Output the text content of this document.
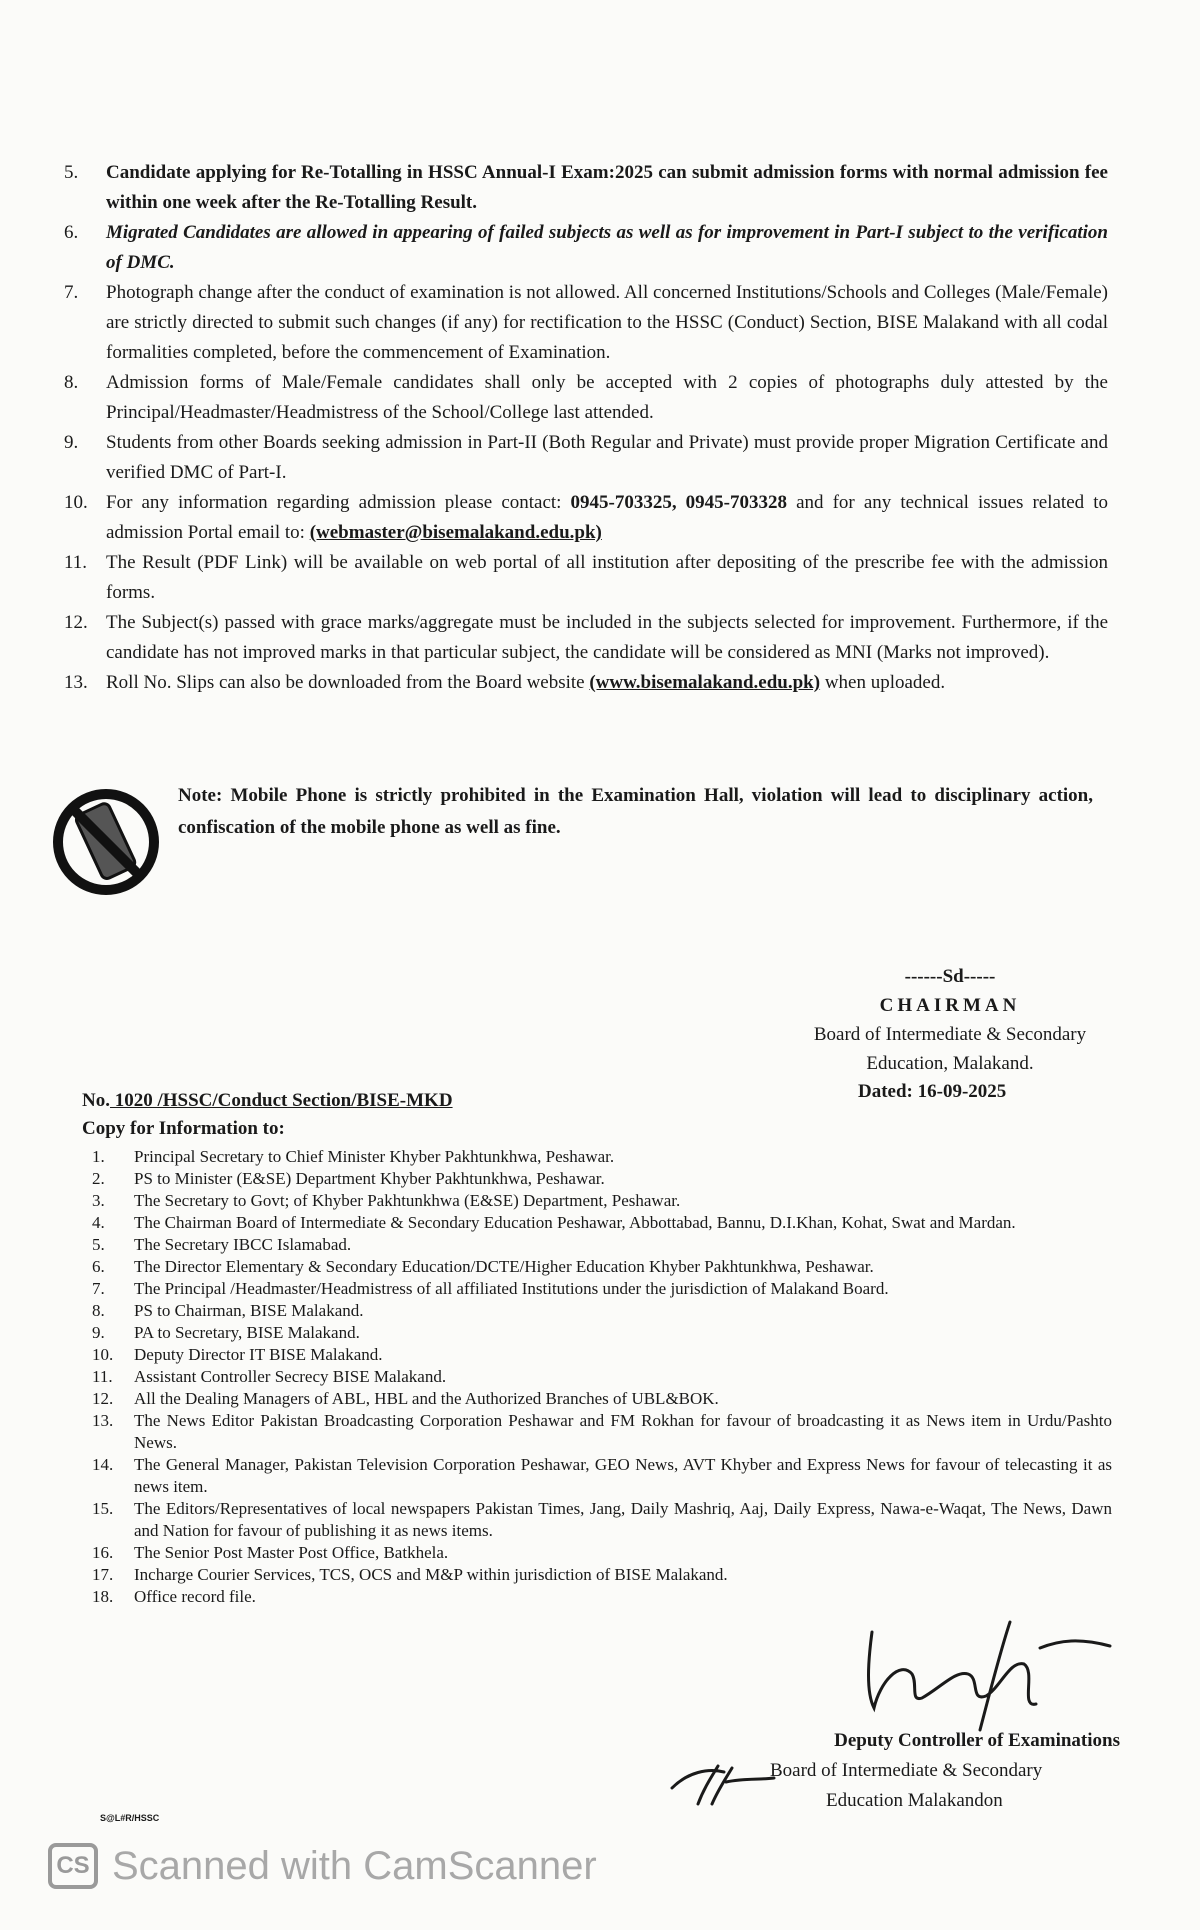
5.	Candidate applying for Re-Totalling in HSSC Annual-I Exam:2025 can submit admission forms with normal admission fee within one week after the Re-Totalling Result.
6.	Migrated Candidates are allowed in appearing of failed subjects as well as for improvement in Part-I subject to the verification of DMC.
7.	Photograph change after the conduct of examination is not allowed. All concerned Institutions/Schools and Colleges (Male/Female) are strictly directed to submit such changes (if any) for rectification to the HSSC (Conduct) Section, BISE Malakand with all codal formalities completed, before the commencement of Examination.
8.	Admission forms of Male/Female candidates shall only be accepted with 2 copies of photographs duly attested by the Principal/Headmaster/Headmistress of the School/College last attended.
9.	Students from other Boards seeking admission in Part-II (Both Regular and Private) must provide proper Migration Certificate and verified DMC of Part-I.
10. For any information regarding admission please contact: 0945-703325, 0945-703328 and for any technical issues related to admission Portal email to: (webmaster@bisemalakand.edu.pk)
11. The Result (PDF Link) will be available on web portal of all institution after depositing of the prescribe fee with the admission forms.
12. The Subject(s) passed with grace marks/aggregate must be included in the subjects selected for improvement. Furthermore, if the candidate has not improved marks in that particular subject, the candidate will be considered as MNI (Marks not improved).
13. Roll No. Slips can also be downloaded from the Board website (www.bisemalakand.edu.pk) when uploaded.
Note: Mobile Phone is strictly prohibited in the Examination Hall, violation will lead to disciplinary action, confiscation of the mobile phone as well as fine.
------Sd-----
CHAIRMAN
Board of Intermediate & Secondary
Education, Malakand.
No. 1020 /HSSC/Conduct Section/BISE-MKD	Dated: 16-09-2025
Copy for Information to:
1.	Principal Secretary to Chief Minister Khyber Pakhtunkhwa, Peshawar.
2.	PS to Minister (E&SE) Department Khyber Pakhtunkhwa, Peshawar.
3.	The Secretary to Govt; of Khyber Pakhtunkhwa (E&SE) Department, Peshawar.
4.	The Chairman Board of Intermediate & Secondary Education Peshawar, Abbottabad, Bannu, D.I.Khan, Kohat, Swat and Mardan.
5.	The Secretary IBCC Islamabad.
6.	The Director Elementary & Secondary Education/DCTE/Higher Education Khyber Pakhtunkhwa, Peshawar.
7.	The Principal /Headmaster/Headmistress of all affiliated Institutions under the jurisdiction of Malakand Board.
8.	PS to Chairman, BISE Malakand.
9.	PA to Secretary, BISE Malakand.
10.	Deputy Director IT BISE Malakand.
11.	Assistant Controller Secrecy BISE Malakand.
12.	All the Dealing Managers of ABL, HBL and the Authorized Branches of UBL&BOK.
13.	The News Editor Pakistan Broadcasting Corporation Peshawar and FM Rokhan for favour of broadcasting it as News item in Urdu/Pashto News.
14.	The General Manager, Pakistan Television Corporation Peshawar, GEO News, AVT Khyber and Express News for favour of telecasting it as news item.
15.	The Editors/Representatives of local newspapers Pakistan Times, Jang, Daily Mashriq, Aaj, Daily Express, Nawa-e-Waqat, The News, Dawn and Nation for favour of publishing it as news items.
16.	The Senior Post Master Post Office, Batkhela.
17.	Incharge Courier Services, TCS, OCS and M&P within jurisdiction of BISE Malakand.
18.	Office record file.
Deputy Controller of Examinations
Board of Intermediate & Secondary
Education Malakandon
S@L#R/HSSC
CS Scanned with CamScanner
